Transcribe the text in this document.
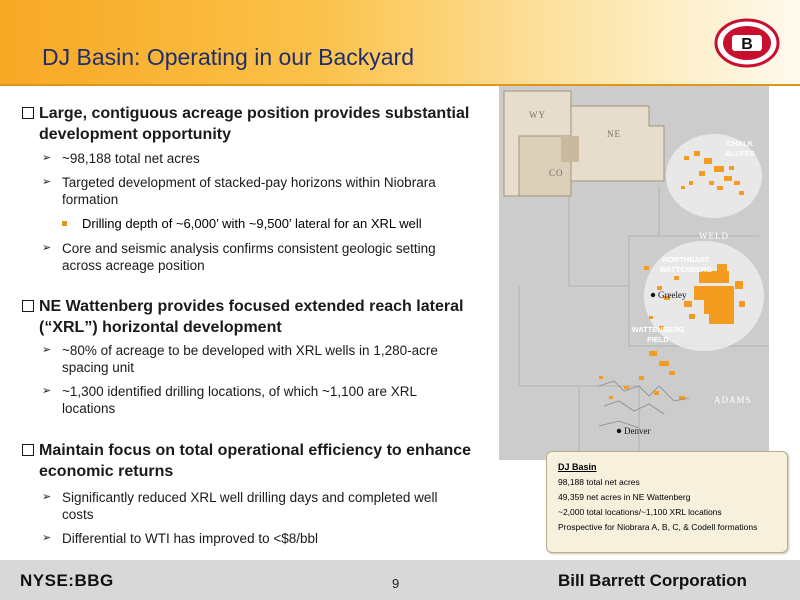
DJ Basin: Operating in our Backyard	B
Large, contiguous acreage position provides substantial development opportunity
➢ ~98,188 total net acres
➢ Targeted development of stacked-pay horizons within Niobrara formation
Drilling depth of ~6,000’ with ~9,500’ lateral for an XRL well
➢ Core and seismic analysis confirms consistent geologic setting across acreage position
NE Wattenberg provides focused extended reach lateral (“XRL”) horizontal development
➢ ~80% of acreage to be developed with XRL wells in 1,280-acre spacing unit
➢ ~1,300 identified drilling locations, of which ~1,100 are XRL locations
Maintain focus on total operational efficiency to enhance economic returns
➢ Significantly reduced XRL well drilling days and completed well costs
➢ Differential to WTI has improved to <$8/bbl
WY
NE
CO
CHALK
BLUFFS
NORTHEAST
WATTENBERG
WATTENBERG
FIELD
WELD
ADAMS
Greeley
Denver
DJ Basin
98,188 total net acres
49,359 net acres in NE Wattenberg
~2,000 total locations/~1,100 XRL locations
Prospective for Niobrara A, B, C, & Codell formations
NYSE:BBG	9	Bill Barrett Corporation
